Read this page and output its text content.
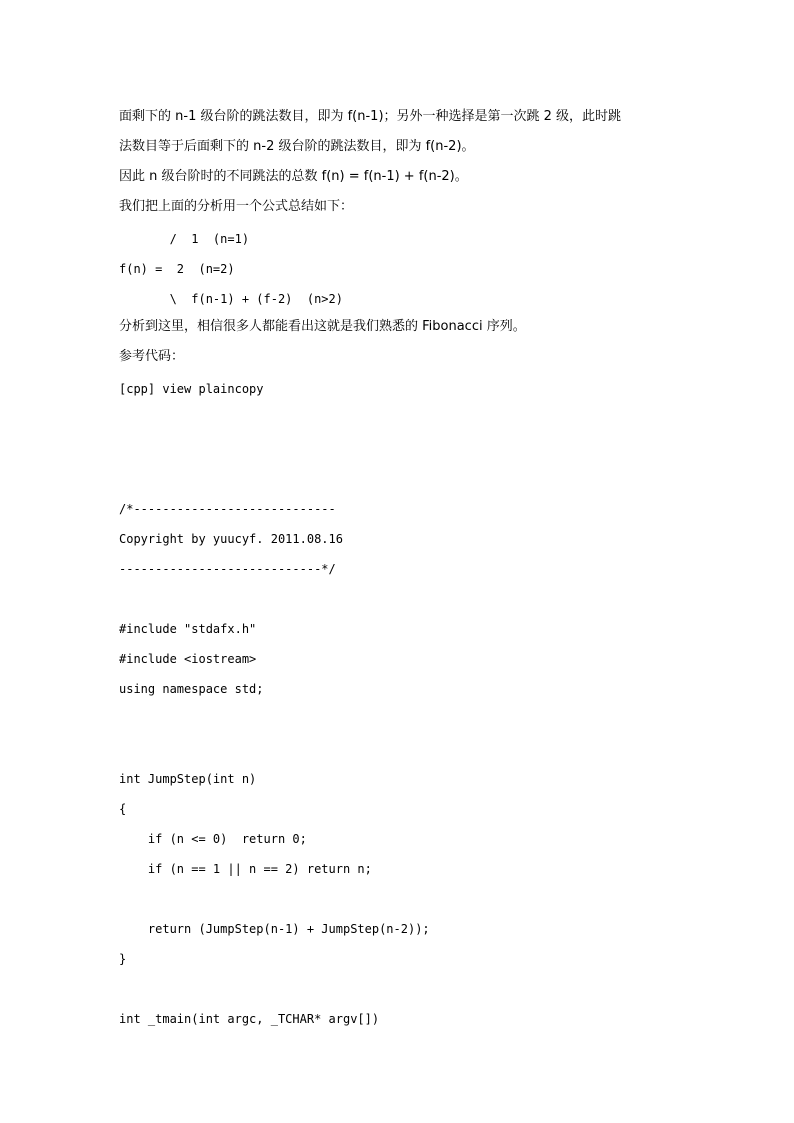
面剩下的 n-1 级台阶的跳法数目，即为 f(n-1)；另外一种选择是第一次跳 2 级，此时跳
法数目等于后面剩下的 n-2 级台阶的跳法数目，即为 f(n-2)。
因此 n 级台阶时的不同跳法的总数 f(n) = f(n-1) + f(n-2)。
我们把上面的分析用一个公式总结如下：
/  1  (n=1)
f(n) =  2  (n=2)
\  f(n-1) + (f-2)  (n>2)
分析到这里，相信很多人都能看出这就是我们熟悉的 Fibonacci 序列。
参考代码：
[cpp] view plaincopy
/*----------------------------
Copyright by yuucyf. 2011.08.16
----------------------------*/
#include "stdafx.h"
#include <iostream>
using namespace std;
int JumpStep(int n)
{
if (n <= 0)  return 0;
if (n == 1 || n == 2) return n;
return (JumpStep(n-1) + JumpStep(n-2));
}
int _tmain(int argc, _TCHAR* argv[])
